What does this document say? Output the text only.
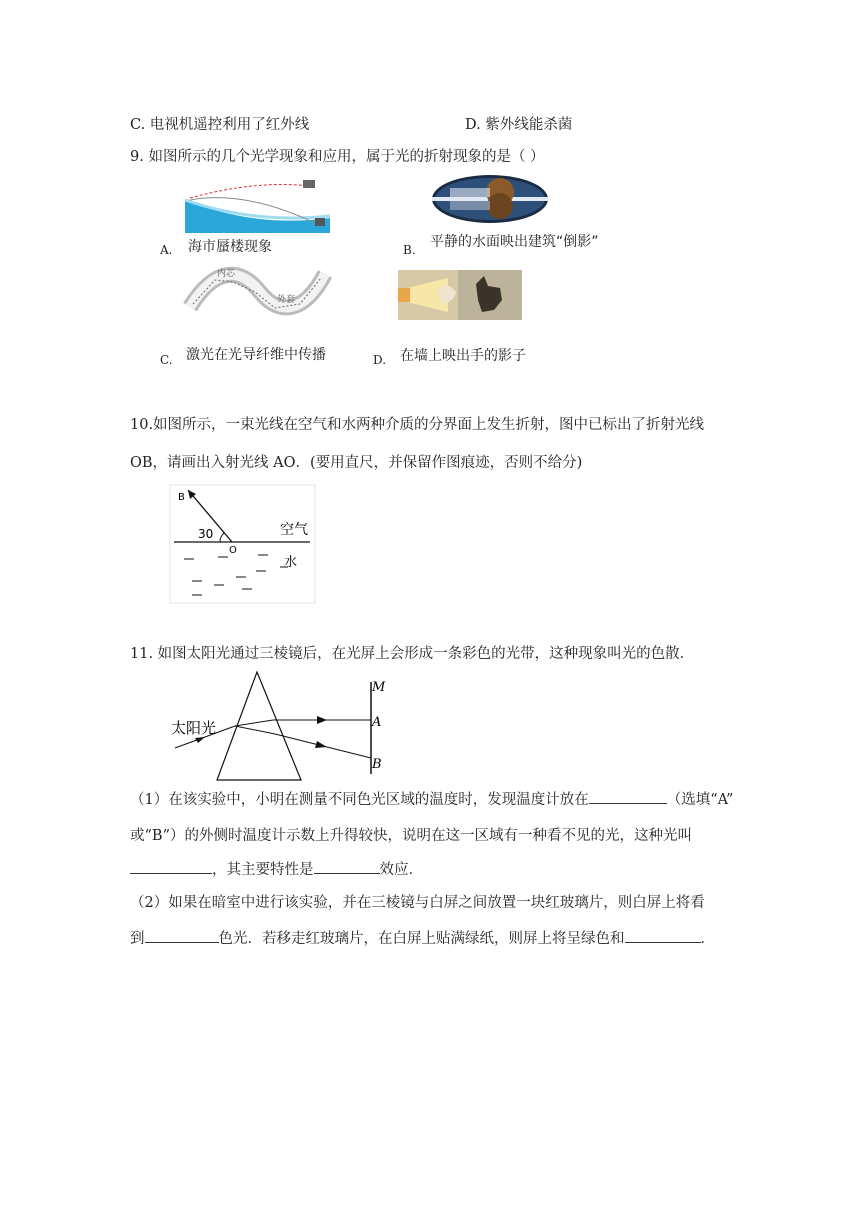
C. 电视机遥控利用了红外线	D. 紫外线能杀菌
9. 如图所示的几个光学现象和应用，属于光的折射现象的是（ ）
A. 海市蜃楼现象	B. 平静的水面映出建筑“倒影”
C.
内芯
外套
激光在光导纤维中传播	D. 在墙上映出手的影子
10.如图所示，一束光线在空气和水两种介质的分界面上发生折射，图中已标出了折射光线
OB，请画出入射光线 AO．(要用直尺，并保留作图痕迹，否则不给分)
B
30
O
空气
水
11. 如图太阳光通过三棱镜后，在光屏上会形成一条彩色的光带，这种现象叫光的色散．
太阳光
M
A
B
（1）在该实验中，小明在测量不同色光区域的温度时，发现温度计放在	（选填“A”
或“B”）的外侧时温度计示数上升得较快，说明在这一区域有一种看不见的光，这种光叫
，其主要特性是	效应．
（2）如果在暗室中进行该实验，并在三棱镜与白屏之间放置一块红玻璃片，则白屏上将看
到	色光．若移走红玻璃片，在白屏上贴满绿纸，则屏上将呈绿色和	．
